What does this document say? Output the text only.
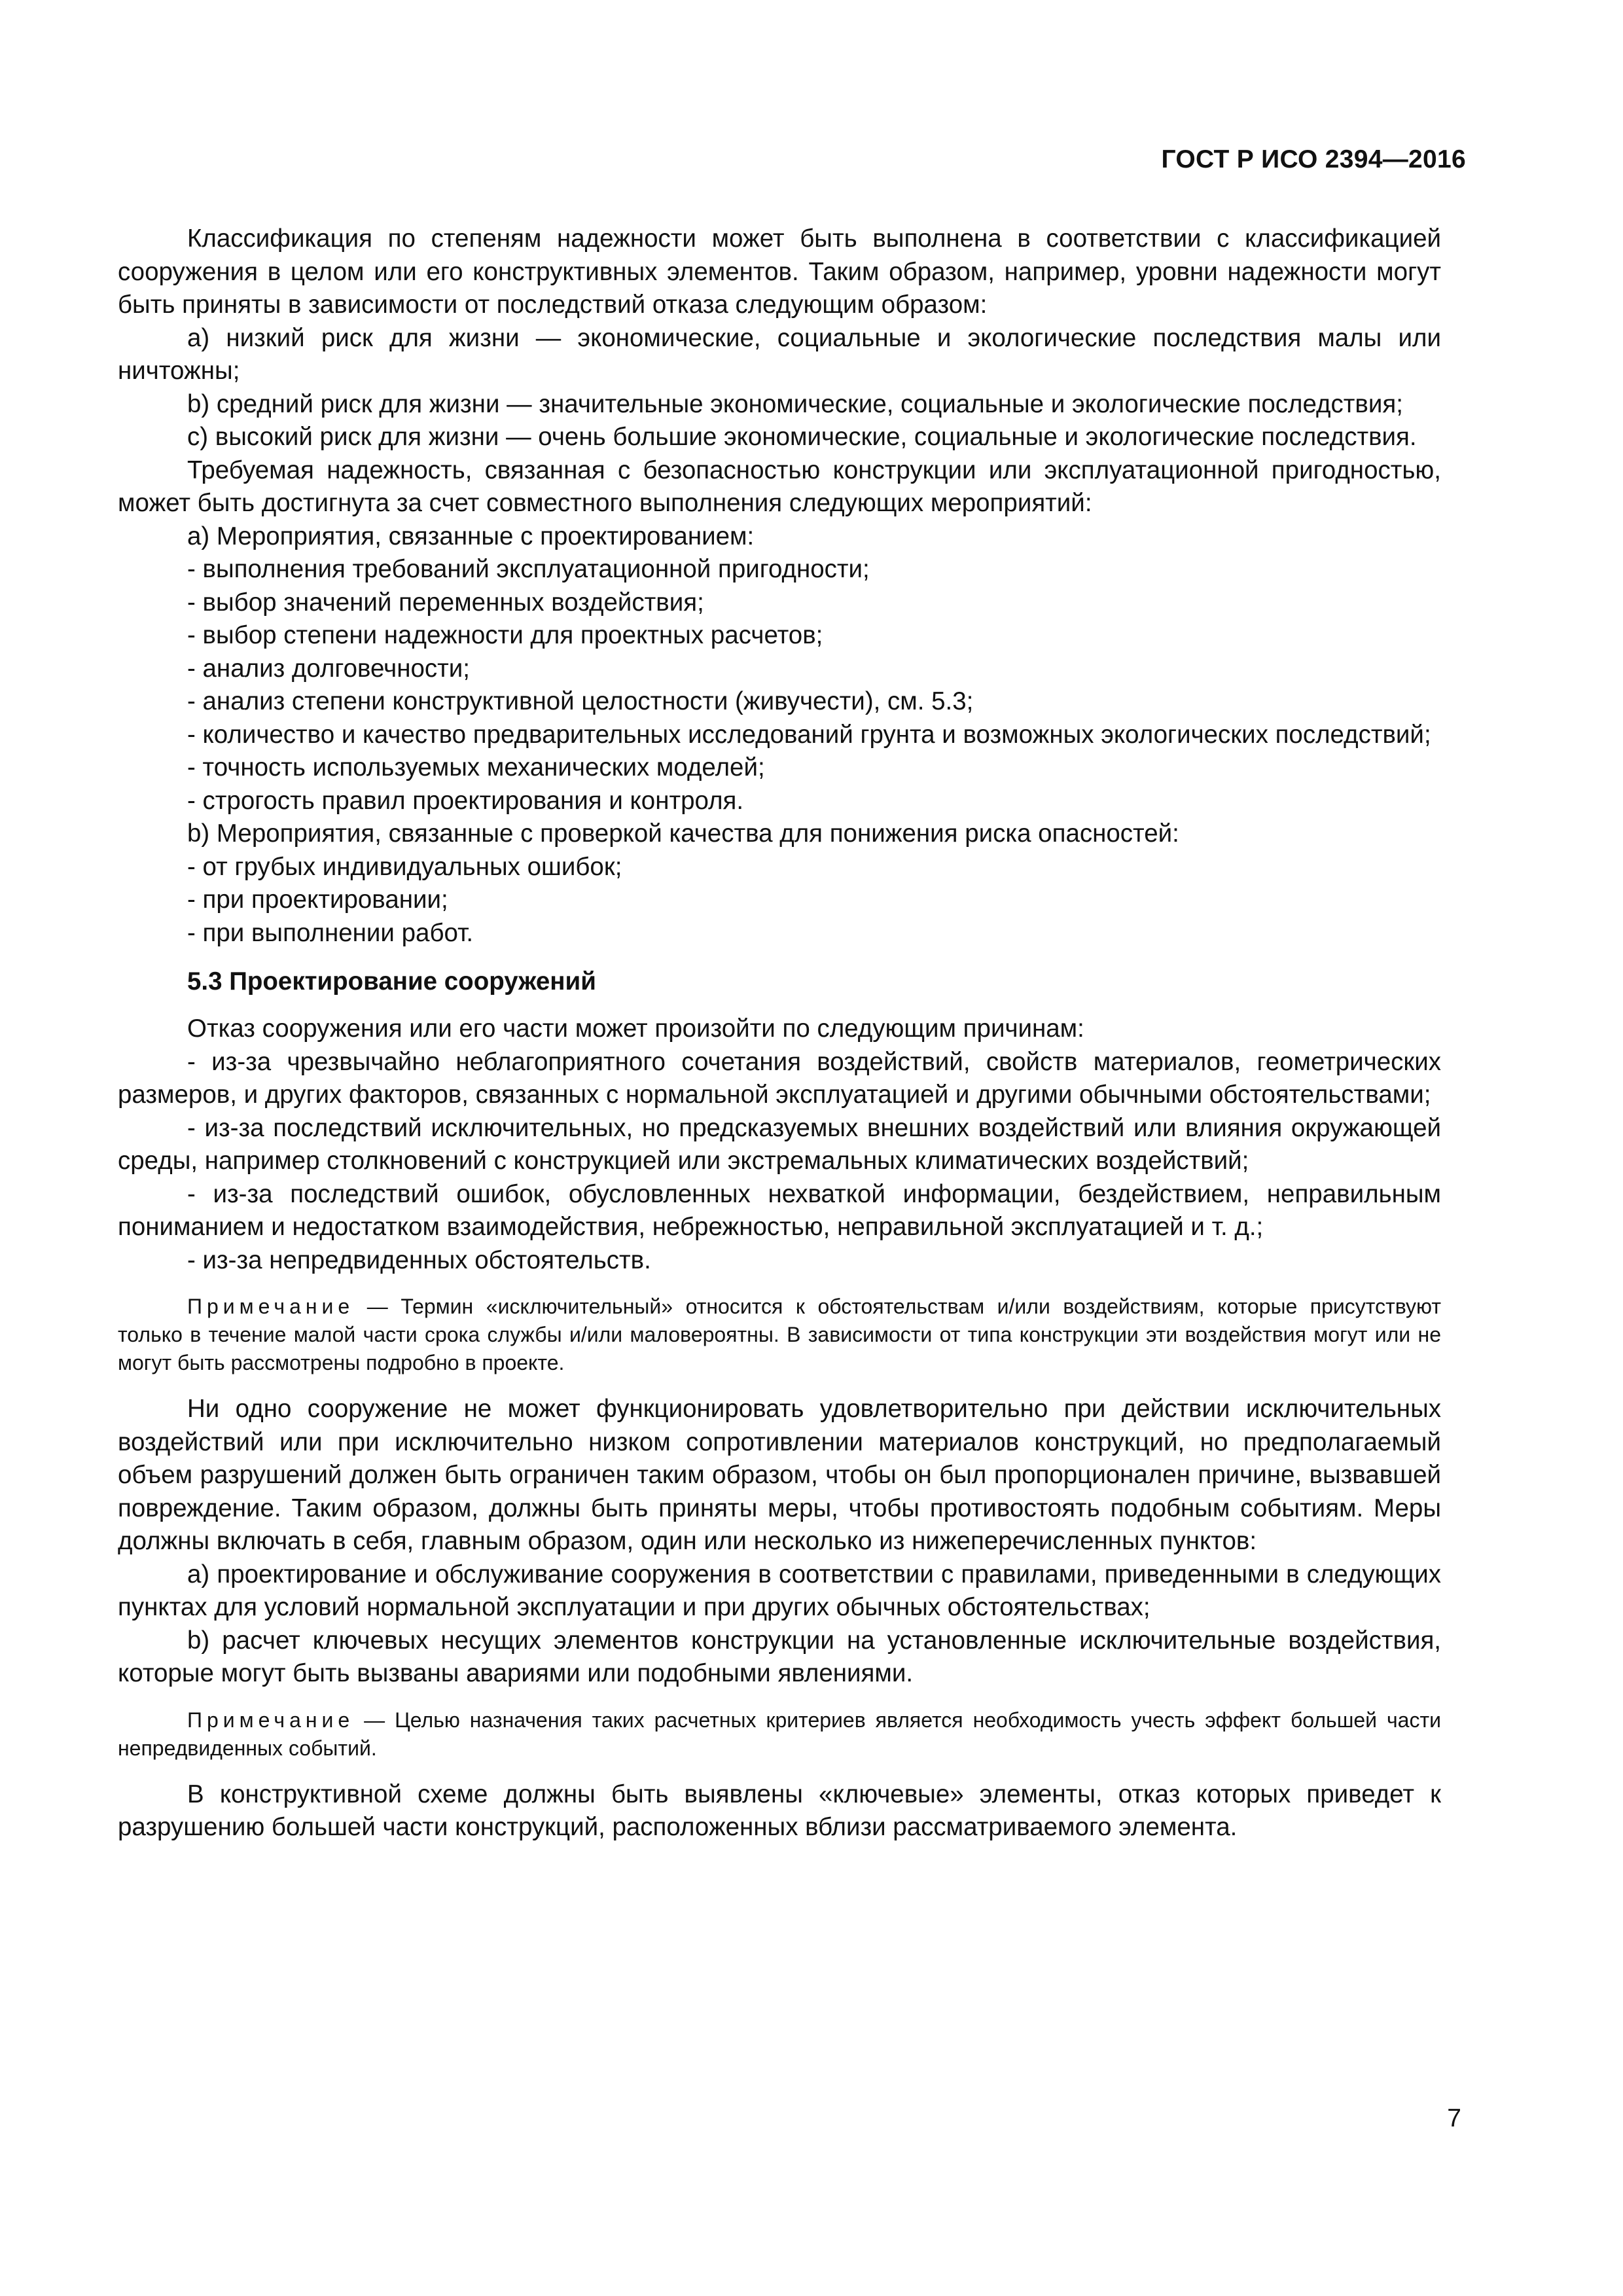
ГОСТ Р ИСО 2394—2016

Классификация по степеням надежности может быть выполнена в соответствии с классификацией сооружения в целом или его конструктивных элементов. Таким образом, например, уровни надежности могут быть приняты в зависимости от последствий отказа следующим образом:

a) низкий риск для жизни — экономические, социальные и экологические последствия малы или ничтожны;

b) средний риск для жизни — значительные экономические, социальные и экологические последствия;

c) высокий риск для жизни — очень большие экономические, социальные и экологические последствия.

Требуемая надежность, связанная с безопасностью конструкции или эксплуатационной пригодностью, может быть достигнута за счет совместного выполнения следующих мероприятий:

а) Мероприятия, связанные с проектированием:

- выполнения требований эксплуатационной пригодности;

- выбор значений переменных воздействия;

- выбор степени надежности для проектных расчетов;

- анализ долговечности;

- анализ степени конструктивной целостности (живучести), см. 5.3;

- количество и качество предварительных исследований грунта и возможных экологических последствий;

- точность используемых механических моделей;

- строгость правил проектирования и контроля.

b) Мероприятия, связанные с проверкой качества для понижения риска опасностей:

- от грубых индивидуальных ошибок;

- при проектировании;

- при выполнении работ.

5.3 Проектирование сооружений

Отказ сооружения или его части может произойти по следующим причинам:

- из-за чрезвычайно неблагоприятного сочетания воздействий, свойств материалов, геометрических размеров, и других факторов, связанных с нормальной эксплуатацией и другими обычными обстоятельствами;

- из-за последствий исключительных, но предсказуемых внешних воздействий или влияния окружающей среды, например столкновений с конструкцией или экстремальных климатических воздействий;

- из-за последствий ошибок, обусловленных нехваткой информации, бездействием, неправильным пониманием и недостатком взаимодействия, небрежностью, неправильной эксплуатацией и т. д.;

- из-за непредвиденных обстоятельств.

Примечание — Термин «исключительный» относится к обстоятельствам и/или воздействиям, которые присутствуют только в течение малой части срока службы и/или маловероятны. В зависимости от типа конструкции эти воздействия могут или не могут быть рассмотрены подробно в проекте.

Ни одно сооружение не может функционировать удовлетворительно при действии исключительных воздействий или при исключительно низком сопротивлении материалов конструкций, но предполагаемый объем разрушений должен быть ограничен таким образом, чтобы он был пропорционален причине, вызвавшей повреждение. Таким образом, должны быть приняты меры, чтобы противостоять подобным событиям. Меры должны включать в себя, главным образом, один или несколько из нижеперечисленных пунктов:

a) проектирование и обслуживание сооружения в соответствии с правилами, приведенными в следующих пунктах для условий нормальной эксплуатации и при других обычных обстоятельствах;

b) расчет ключевых несущих элементов конструкции на установленные исключительные воздействия, которые могут быть вызваны авариями или подобными явлениями.

Примечание — Целью назначения таких расчетных критериев является необходимость учесть эффект большей части непредвиденных событий.

В конструктивной схеме должны быть выявлены «ключевые» элементы, отказ которых приведет к разрушению большей части конструкций, расположенных вблизи рассматриваемого элемента.

7
